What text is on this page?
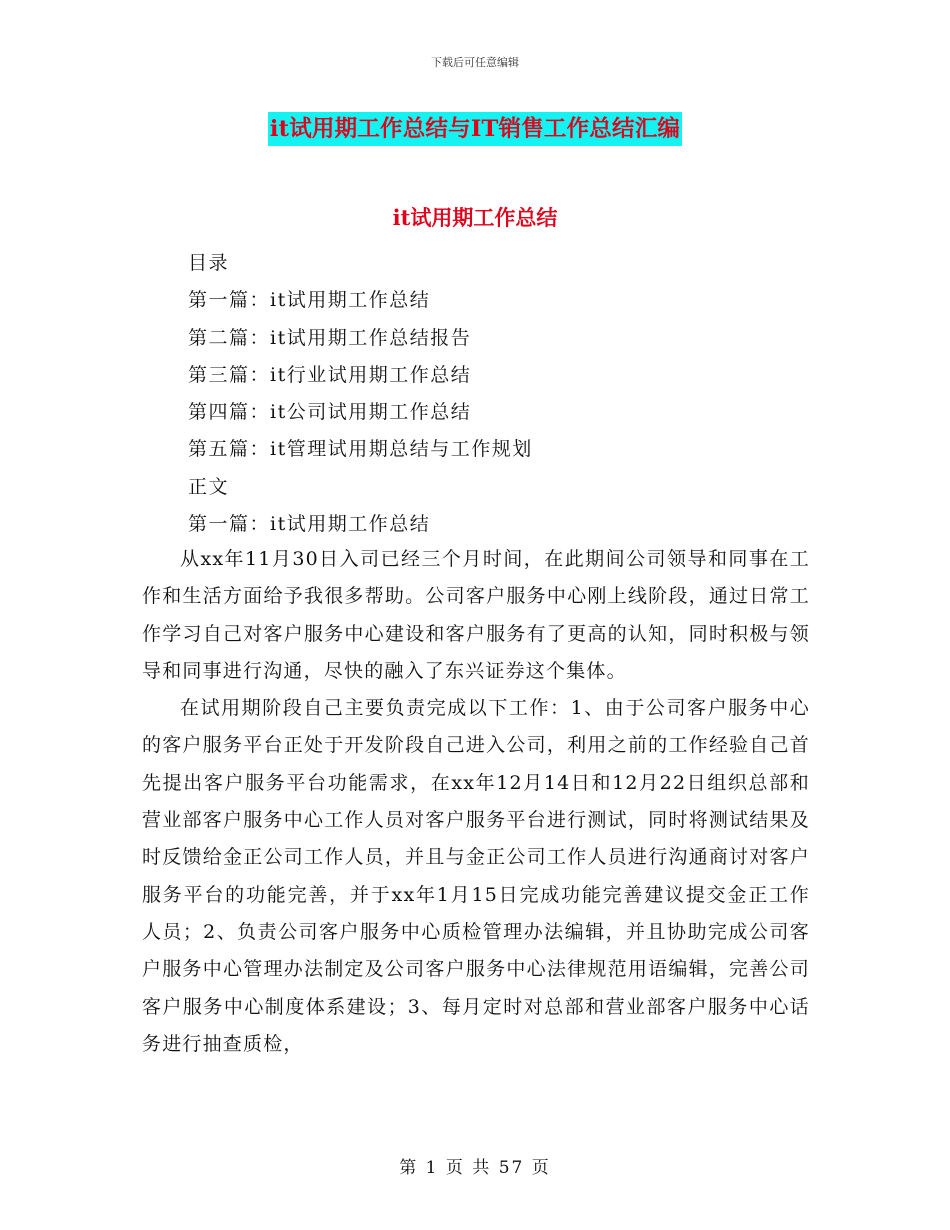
下载后可任意编辑
it试用期工作总结与IT销售工作总结汇编
it试用期工作总结
目录
第一篇：it试用期工作总结
第二篇：it试用期工作总结报告
第三篇：it行业试用期工作总结
第四篇：it公司试用期工作总结
第五篇：it管理试用期总结与工作规划
正文
第一篇：it试用期工作总结

从xx年11月30日入司已经三个月时间，在此期间公司领导和同事在工作和生活方面给予我很多帮助。公司客户服务中心刚上线阶段，通过日常工作学习自己对客户服务中心建设和客户服务有了更高的认知，同时积极与领导和同事进行沟通，尽快的融入了东兴证券这个集体。

在试用期阶段自己主要负责完成以下工作：1、由于公司客户服务中心的客户服务平台正处于开发阶段自己进入公司，利用之前的工作经验自己首先提出客户服务平台功能需求，在xx年12月14日和12月22日组织总部和营业部客户服务中心工作人员对客户服务平台进行测试，同时将测试结果及时反馈给金正公司工作人员，并且与金正公司工作人员进行沟通商讨对客户服务平台的功能完善，并于xx年1月15日完成功能完善建议提交金正工作人员；2、负责公司客户服务中心质检管理办法编辑，并且协助完成公司客户服务中心管理办法制定及公司客户服务中心法律规范用语编辑，完善公司客户服务中心制度体系建设；3、每月定时对总部和营业部客户服务中心话务进行抽查质检，

第 1 页 共 57 页
